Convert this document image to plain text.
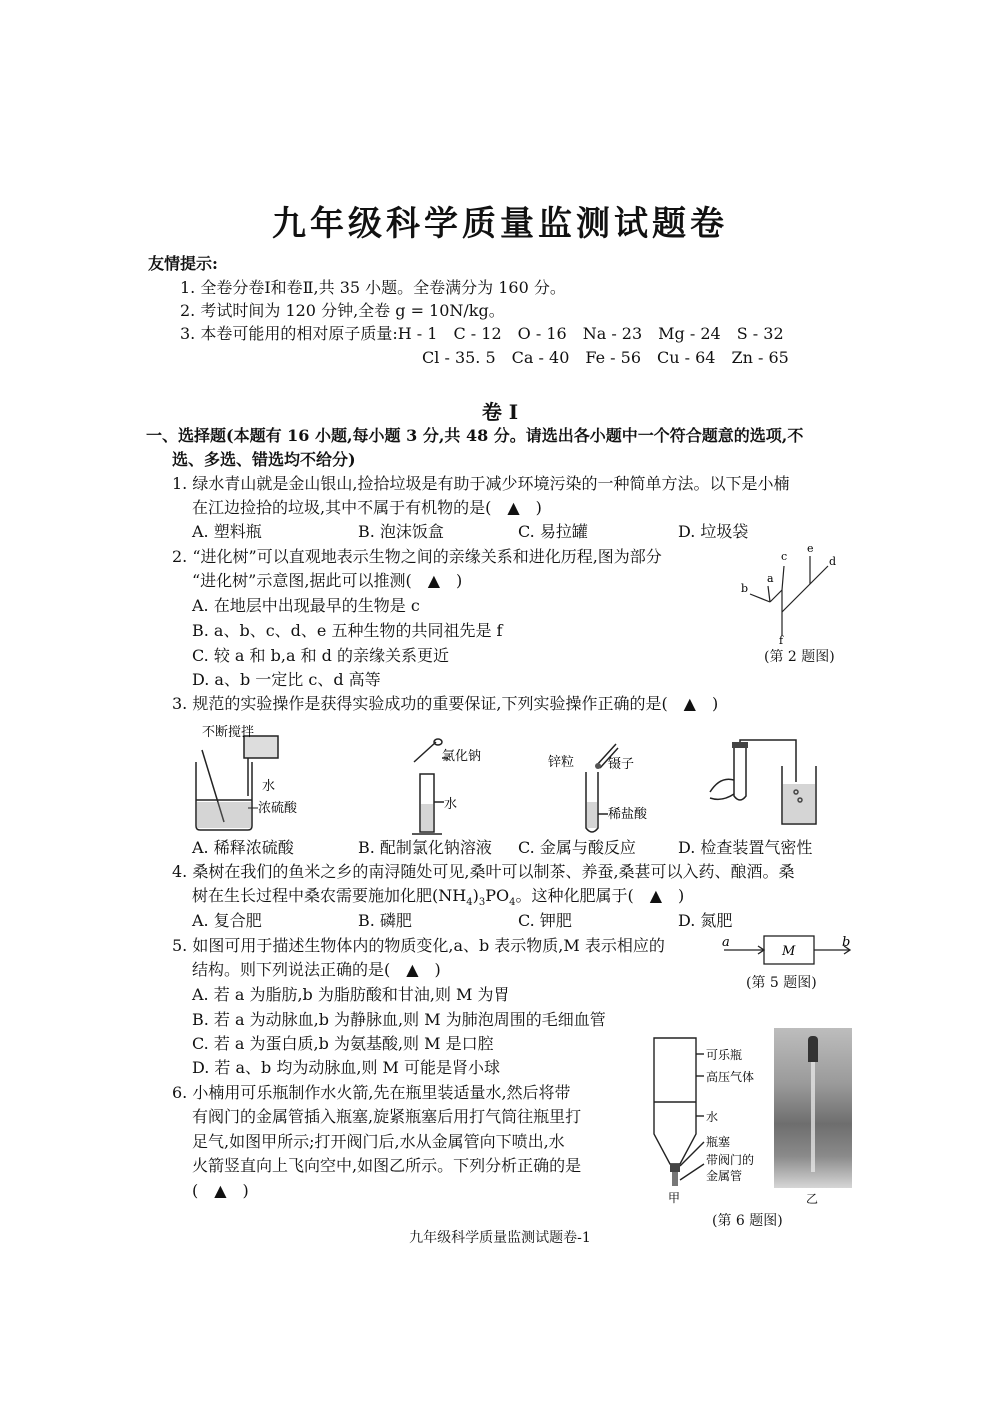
九年级科学质量监测试题卷
友情提示:
1. 全卷分卷Ⅰ和卷Ⅱ,共 35 小题。全卷满分为 160 分。
2. 考试时间为 120 分钟,全卷 g = 10N/kg。
3. 本卷可能用的相对原子质量:H - 1　C - 12　O - 16　Na - 23　Mg - 24　S - 32
Cl - 35. 5　Ca - 40　Fe - 56　Cu - 64　Zn - 65
卷 Ⅰ
一、选择题(本题有 16 小题,每小题 3 分,共 48 分。请选出各小题中一个符合题意的选项,不
选、多选、错选均不给分)
1. 绿水青山就是金山银山,捡拾垃圾是有助于减少环境污染的一种简单方法。以下是小楠
在江边捡拾的垃圾,其中不属于有机物的是(　▲　)
A. 塑料瓶	B. 泡沫饭盒	C. 易拉罐	D. 垃圾袋
2. “进化树”可以直观地表示生物之间的亲缘关系和进化历程,图为部分
“进化树”示意图,据此可以推测(　▲　)
A. 在地层中出现最早的生物是 c
B. a、b、c、d、e 五种生物的共同祖先是 f
C. 较 a 和 b,a 和 d 的亲缘关系更近
D. a、b 一定比 c、d 高等
a
b
c	d
e
f
(第 2 题图)
3. 规范的实验操作是获得实验成功的重要保证,下列实验操作正确的是(　▲　)
不断搅拌
水
浓硫酸
氯化钠
水
锌粒	镊子
稀盐酸
A. 稀释浓硫酸	B. 配制氯化钠溶液 C. 金属与酸反应	D. 检查装置气密性
4. 桑树在我们的鱼米之乡的南浔随处可见,桑叶可以制茶、养蚕,桑葚可以入药、酿酒。桑
树在生长过程中桑农需要施加化肥$(NH_4)_3PO_4$。这种化肥属于(　▲　)
A. 复合肥	B. 磷肥	C. 钾肥	D. 氮肥
5. 如图可用于描述生物体内的物质变化,a、b 表示物质,M 表示相应的
结构。则下列说法正确的是(　▲　)
A. 若 a 为脂肪,b 为脂肪酸和甘油,则 M 为胃
B. 若 a 为动脉血,b 为静脉血,则 M 为肺泡周围的毛细血管
C. 若 a 为蛋白质,b 为氨基酸,则 M 是口腔
D. 若 a、b 均为动脉血,则 M 可能是肾小球
a
M
b
(第 5 题图)
6. 小楠用可乐瓶制作水火箭,先在瓶里装适量水,然后将带
有阀门的金属管插入瓶塞,旋紧瓶塞后用打气筒往瓶里打
足气,如图甲所示;打开阀门后,水从金属管向下喷出,水
火箭竖直向上飞向空中,如图乙所示。下列分析正确的是
(　▲　)
可乐瓶
高压气体
水
瓶塞
带阀门的
金属管
甲	乙
(第 6 题图)
九年级科学质量监测试题卷-1
